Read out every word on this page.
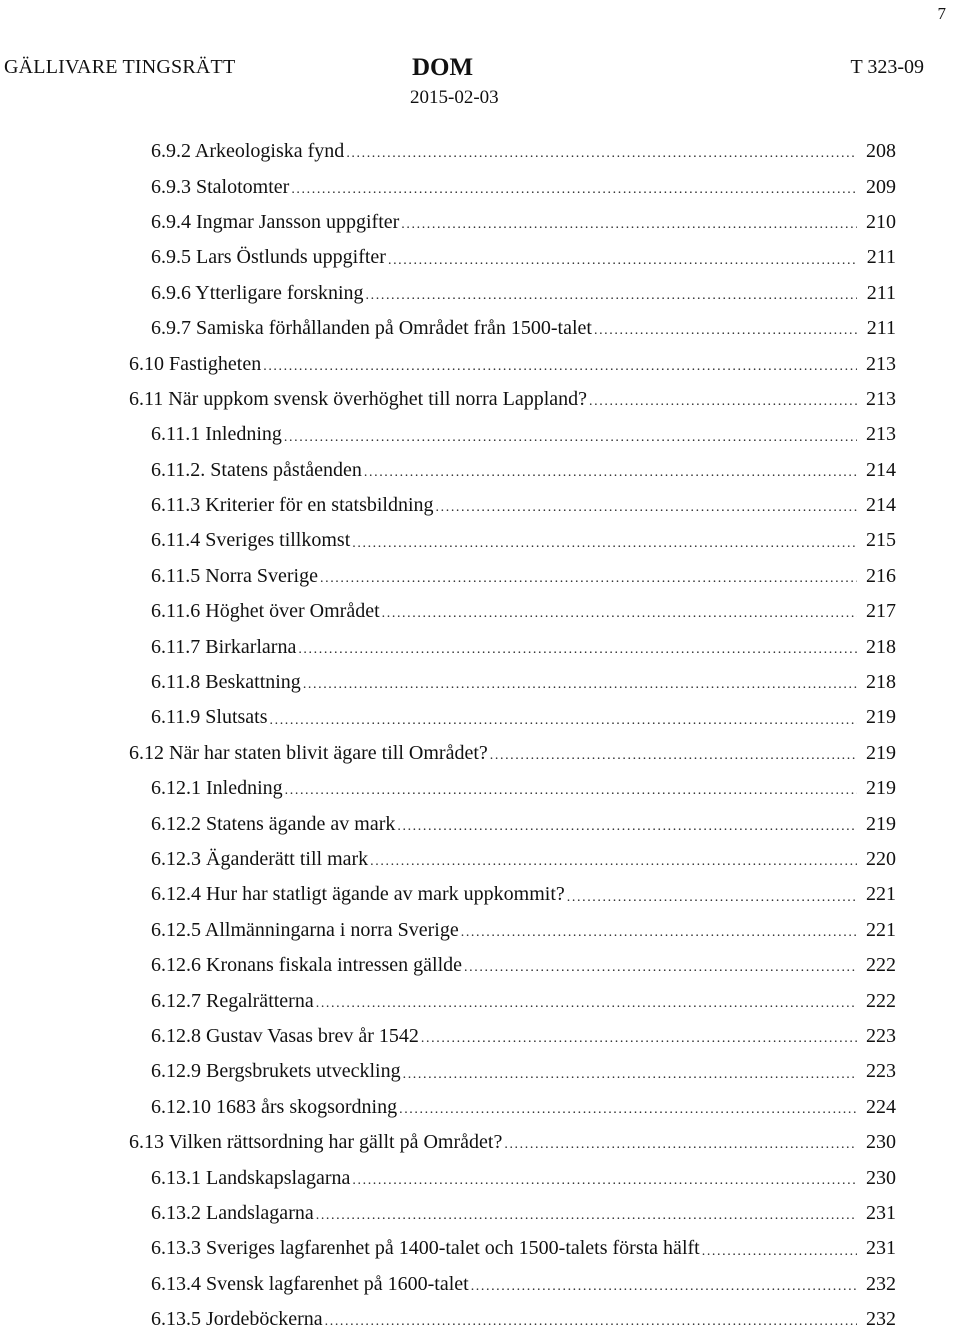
7
GÄLLIVARE TINGSRÄTT	DOM
2015-02-03
T 323-09
6.9.2 Arkeologiska fynd .....	208
6.9.3 Stalotomter .....	209
6.9.4 Ingmar Jansson uppgifter .....	210
6.9.5 Lars Östlunds uppgifter .....	211
6.9.6 Ytterligare forskning .....	211
6.9.7 Samiska förhållanden på Området från 1500-talet .....	211
6.10 Fastigheten .....	213
6.11 När uppkom svensk överhöghet till norra Lappland? .....	213
6.11.1 Inledning .....	213
6.11.2. Statens påståenden .....	214
6.11.3 Kriterier för en statsbildning .....	214
6.11.4 Sveriges tillkomst .....	215
6.11.5 Norra Sverige .....	216
6.11.6 Höghet över Området .....	217
6.11.7 Birkarlarna .....	218
6.11.8 Beskattning .....	218
6.11.9 Slutsats .....	219
6.12 När har staten blivit ägare till Området? .....	219
6.12.1 Inledning .....	219
6.12.2 Statens ägande av mark .....	219
6.12.3 Äganderätt till mark .....	220
6.12.4 Hur har statligt ägande av mark uppkommit? .....	221
6.12.5 Allmänningarna i norra Sverige .....	221
6.12.6 Kronans fiskala intressen gällde .....	222
6.12.7 Regalrätterna .....	222
6.12.8 Gustav Vasas brev år 1542 .....	223
6.12.9 Bergsbrukets utveckling .....	223
6.12.10 1683 års skogsordning .....	224
6.13 Vilken rättsordning har gällt på Området? .....	230
6.13.1 Landskapslagarna .....	230
6.13.2 Landslagarna .....	231
6.13.3 Sveriges lagfarenhet på 1400-talet och 1500-talets första hälft .....	231
6.13.4 Svensk lagfarenhet på 1600-talet .....	232
6.13.5 Jordeböckerna .....	232
